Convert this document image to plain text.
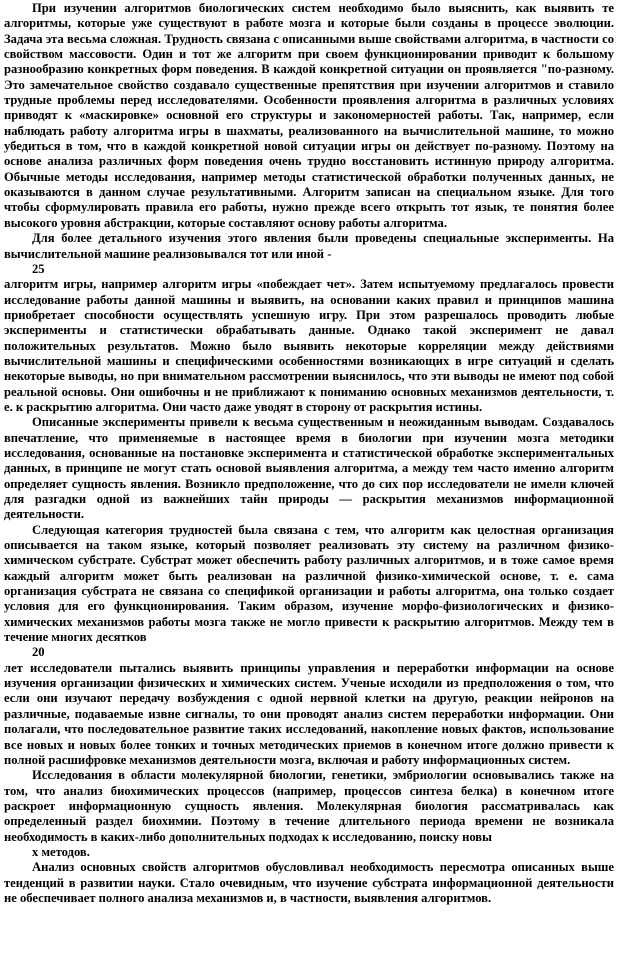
При изучении алгоритмов биологических систем необходимо было выяснить, как выявить те алгоритмы, которые уже существуют в работе мозга и которые были созданы в процессе эволюции. Задача эта весьма сложная. Трудность связана с описанными выше свойствами алгоритма, в частности со свойством массовости. Один и тот же алгоритм при своем функционировании приводит к большому разнообразию конкретных форм поведения. В каждой конкретной ситуации он проявляется "по-разному. Это замечательное свойство создавало существенные препятствия при изучении алгоритмов и ставило трудные проблемы перед исследователями. Особенности проявления алгоритма в различных условиях приводят к «маскировке» основной его структуры и закономерностей работы. Так, например, если наблюдать работу алгоритма игры в шахматы, реализованного на вычислительной машине, то можно убедиться в том, что в каждой конкретной новой ситуации игры он действует по-разному. Поэтому на основе анализа различных форм поведения очень трудно восстановить истинную природу алгоритма. Обычные методы исследования, например методы статистической обработки полученных данных, не оказываются в данном случае результативными. Алгоритм записан на специальном языке. Для того чтобы сформулировать правила его работы, нужно прежде всего открыть тот язык, те понятия более высокого уровня абстракции, которые составляют основу работы алгоритма.

Для более детального изучения этого явления были проведены специальные эксперименты. На вычислительной машине реализовывался тот или иной -

25

алгоритм игры, например алгоритм игры «побеждает чет». Затем испытуемому предлагалось провести исследование работы данной машины и выявить, на основании каких правил и принципов машина приобретает способности осуществлять успешную игру. При этом разрешалось проводить любые эксперименты и статистически обрабатывать данные. Однако такой эксперимент не давал положительных результатов. Можно было выявить некоторые корреляции между действиями вычислительной машины и специфическими особенностями возникающих в игре ситуаций и сделать некоторые выводы, но при внимательном рассмотрении выяснилось, что эти выводы не имеют под собой реальной основы. Они ошибочны и не приближают к пониманию основных механизмов деятельности, т. е. к раскрытию алгоритма. Они часто даже уводят в сторону от раскрытия истины.

Описанные эксперименты привели к весьма существенным и неожиданным выводам. Создавалось впечатление, что применяемые в настоящее время в биологии при изучении мозга методики исследования, основанные на постановке эксперимента и статистической обработке экспериментальных данных, в принципе не могут стать основой выявления алгоритма, а между тем часто именно алгоритм определяет сущность явления. Возникло предположение, что до сих пор исследователи не имели ключей для разгадки одной из важнейших тайн природы — раскрытия механизмов информационной деятельности.

Следующая категория трудностей была связана с тем, что алгоритм как целостная организация описывается на таком языке, который позволяет реализовать эту систему на различном физико-химическом субстрате. Субстрат может обеспечить работу различных алгоритмов, и в тоже самое время каждый алгоритм может быть реализован на различной физико-химической основе, т. е. сама организация субстрата не связана со спецификой организации и работы алгоритма, она только создает условия для его функционирования. Таким образом, изучение морфо-физиологических и физико-химических механизмов работы мозга также не могло привести к раскрытию алгоритмов. Между тем в течение многих десятков

20

лет исследователи пытались выявить принципы управления и переработки информации на основе изучения организации физических и химических систем. Ученые исходили из предположения о том, что если они изучают передачу возбуждения с одной нервной клетки на другую, реакции нейронов на различные, подаваемые извне сигналы, то они проводят анализ систем переработки информации. Они полагали, что последовательное развитие таких исследований, накопление новых фактов, использование все новых и новых более тонких и точных методических приемов в конечном итоге должно привести к полной расшифровке механизмов деятельности мозга, включая и работу информационных систем.

Исследования в области молекулярной биологии, генетики, эмбриологии основывались также на том, что анализ биохимических процессов (например, процессов синтеза белка) в конечном итоге раскроет информационную сущность явления. Молекулярная биология рассматривалась как определенный раздел биохимии. Поэтому в течение длительного периода времени не возникала необходимость в каких-либо дополнительных подходах к исследованию, поиску новы

х методов.

Анализ основных свойств алгоритмов обусловливал необходимость пересмотра описанных выше тенденций в развитии науки. Стало очевидным, что изучение субстрата информационной деятельности не обеспечивает полного анализа механизмов и, в частности, выявления алгоритмов.
